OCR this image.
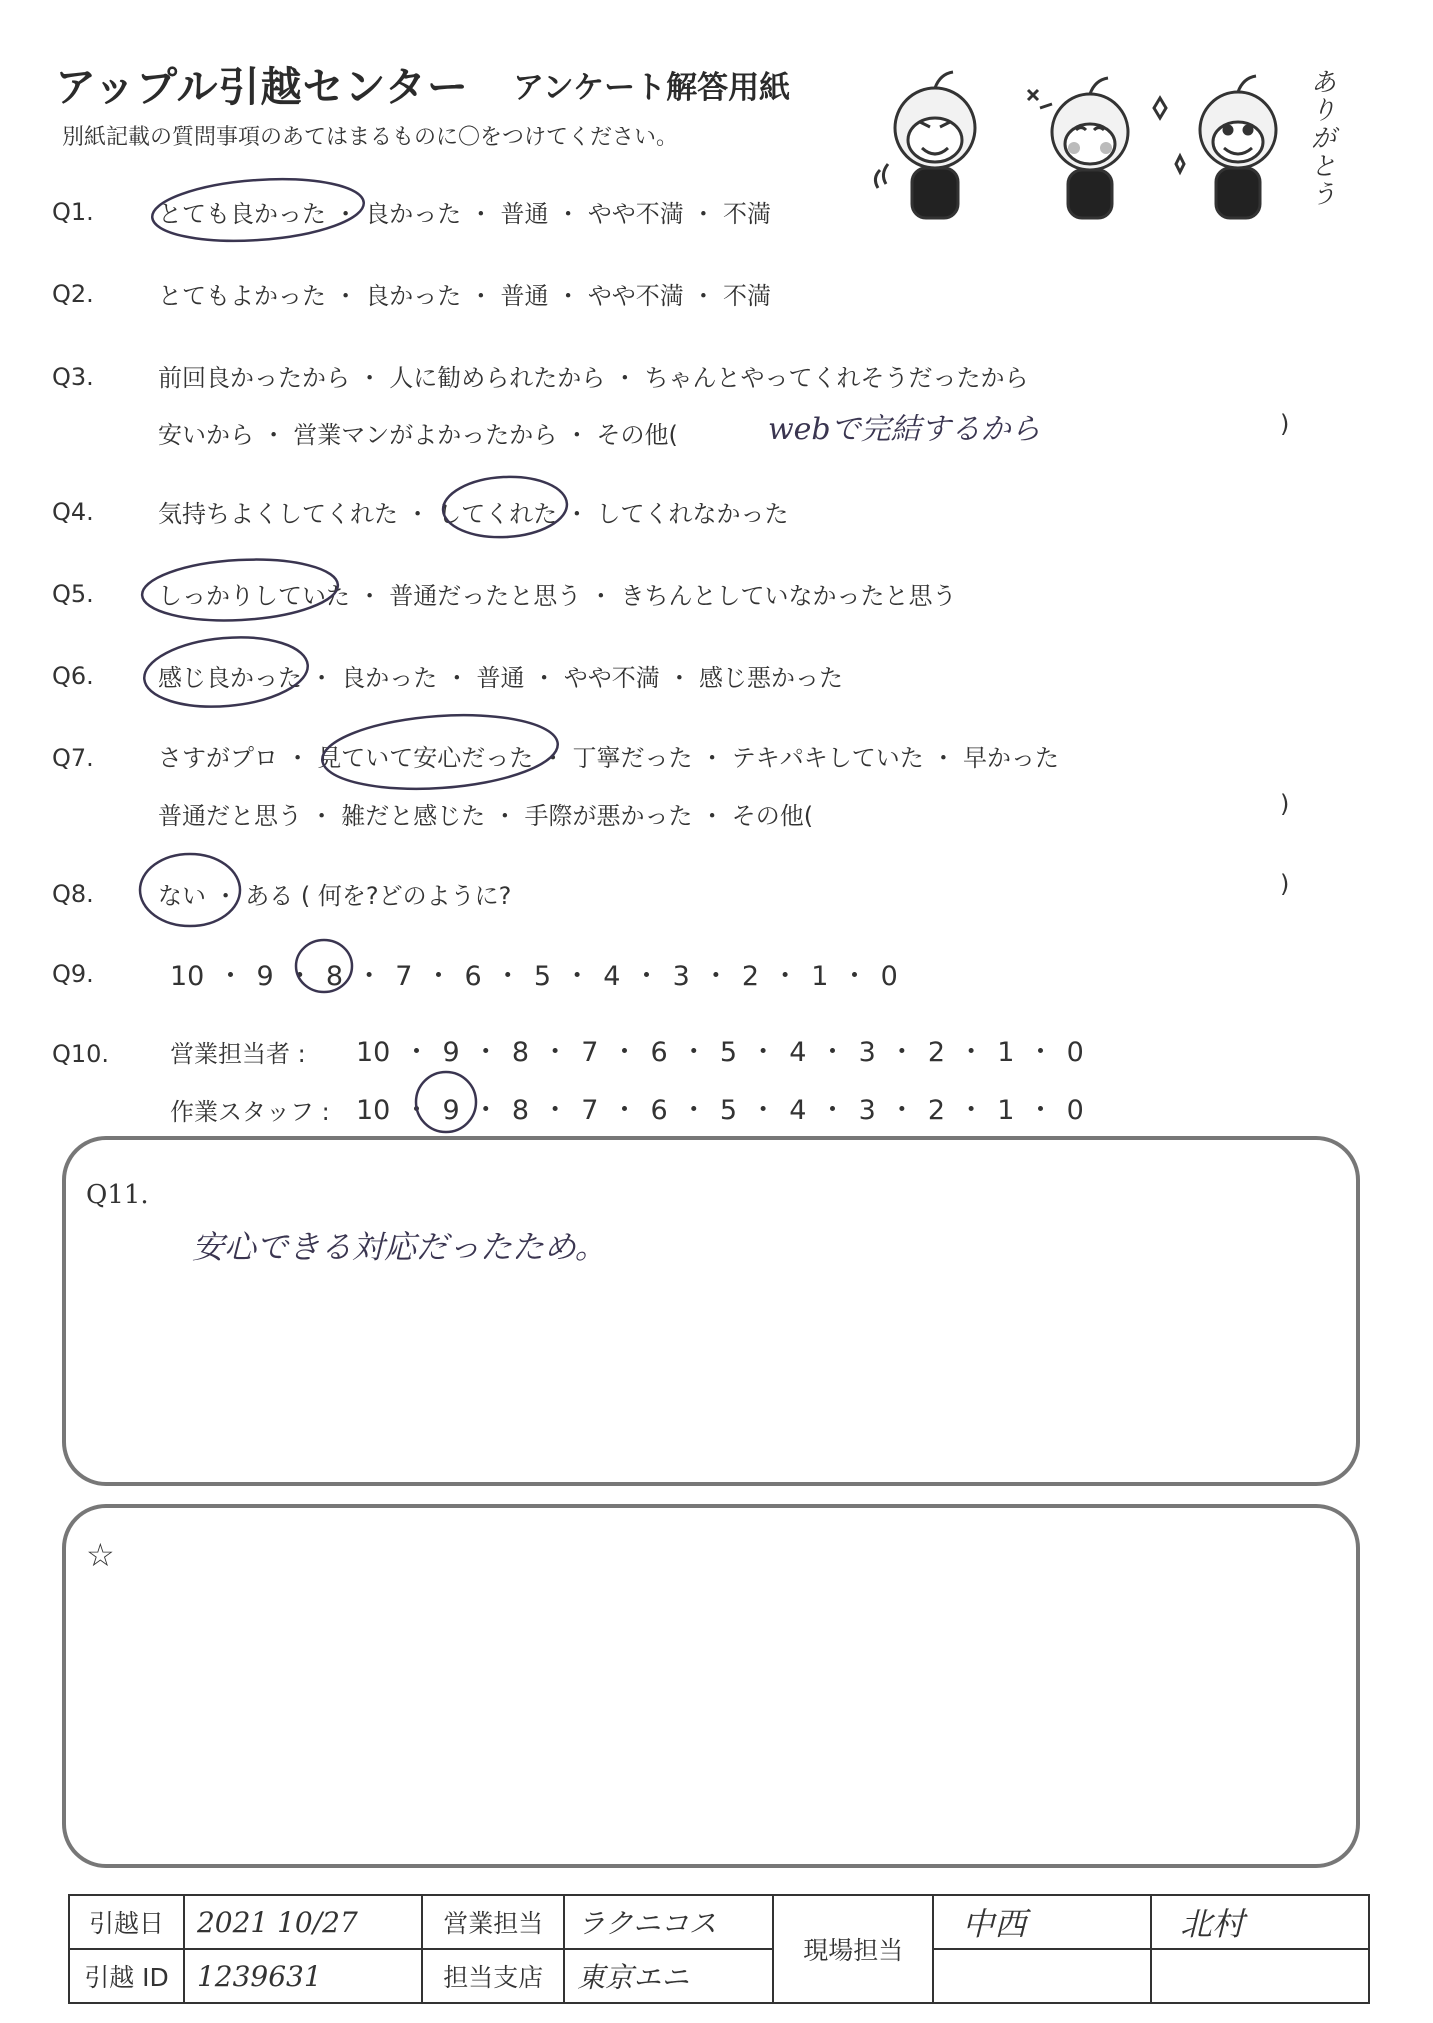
アップル引越センター アンケート解答用紙
別紙記載の質問事項のあてはまるものに〇をつけてください。	ありがとう
Q1.	とても良かった ・ 良かった ・ 普通 ・ やや不満 ・ 不満
Q2.	とてもよかった ・ 良かった ・ 普通 ・ やや不満 ・ 不満
Q3.	前回良かったから ・ 人に勧められたから ・ ちゃんとやってくれそうだったから
安いから ・ 営業マンがよかったから ・ その他(	webで完結するから	)
Q4.	気持ちよくしてくれた ・ してくれた ・ してくれなかった
Q5.	しっかりしていた ・ 普通だったと思う ・ きちんとしていなかったと思う
Q6.	感じ良かった ・ 良かった ・ 普通 ・ やや不満 ・ 感じ悪かった
Q7.	さすがプロ ・ 見ていて安心だった ・ 丁寧だった ・ テキパキしていた ・ 早かった
普通だと思う ・ 雑だと感じた ・ 手際が悪かった ・ その他(	)
Q8.	ない ・ ある ( 何を?どのように?	)
Q9.	10 ・ 9 ・ 8 ・ 7 ・ 6 ・ 5 ・ 4 ・ 3 ・ 2 ・ 1 ・ 0
Q10.	営業担当者 : 10 ・ 9 ・ 8 ・ 7 ・ 6 ・ 5 ・ 4 ・ 3 ・ 2 ・ 1 ・ 0
作業スタッフ : 10 ・ 9 ・ 8 ・ 7 ・ 6 ・ 5 ・ 4 ・ 3 ・ 2 ・ 1 ・ 0
Q11.
安心できる対応だったため。
☆
引越日	2021 10/27	営業担当	ラクニコス	現場担当	中西	北村
引越 ID	1239631	担当支店	東京エニ			
